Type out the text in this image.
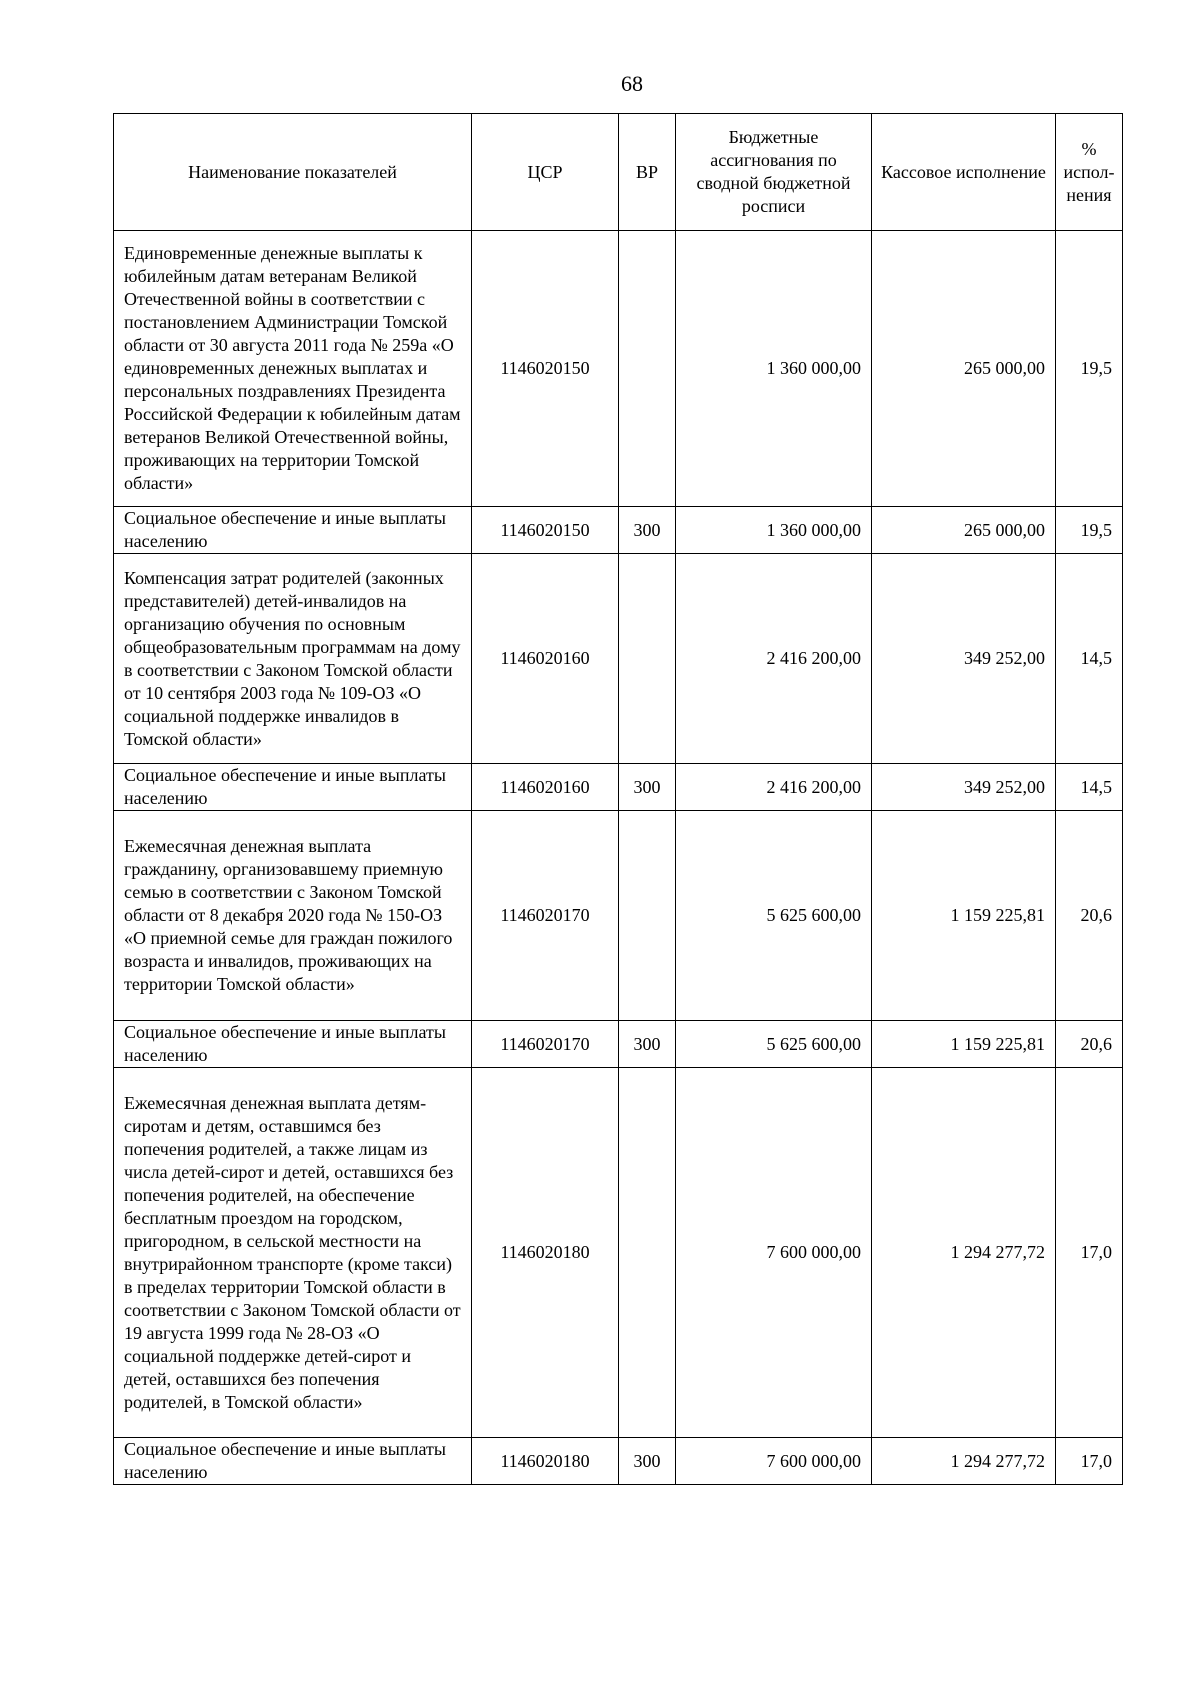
68
Наименование показателей	ЦСР	ВР	Бюджетные ассигнования по сводной бюджетной росписи	Кассовое исполнение	% испол-нения
Единовременные денежные выплаты к юбилейным датам ветеранам Великой Отечественной войны в соответствии с постановлением Администрации Томской области от 30 августа 2011 года № 259а «О единовременных денежных выплатах и персональных поздравлениях Президента Российской Федерации к юбилейным датам ветеранов Великой Отечественной войны, проживающих на территории Томской области»	1146020150		1 360 000,00	265 000,00	19,5
Социальное обеспечение и иные выплаты населению	1146020150	300	1 360 000,00	265 000,00	19,5
Компенсация затрат родителей (законных представителей) детей-инвалидов на организацию обучения по основным общеобразовательным программам на дому в соответствии с Законом Томской области от 10 сентября 2003 года № 109-ОЗ «О социальной поддержке инвалидов в Томской области»	1146020160		2 416 200,00	349 252,00	14,5
Социальное обеспечение и иные выплаты населению	1146020160	300	2 416 200,00	349 252,00	14,5
Ежемесячная денежная выплата гражданину, организовавшему приемную семью в соответствии с Законом Томской области от 8 декабря 2020 года № 150-ОЗ «О приемной семье для граждан пожилого возраста и инвалидов, проживающих на территории Томской области»	1146020170		5 625 600,00	1 159 225,81	20,6
Социальное обеспечение и иные выплаты населению	1146020170	300	5 625 600,00	1 159 225,81	20,6
Ежемесячная денежная выплата детям-сиротам и детям, оставшимся без попечения родителей, а также лицам из числа детей-сирот и детей, оставшихся без попечения родителей, на обеспечение бесплатным проездом на городском, пригородном, в сельской местности на внутрирайонном транспорте (кроме такси) в пределах территории Томской области в соответствии с Законом Томской области от 19 августа 1999 года № 28-ОЗ «О социальной поддержке детей-сирот и детей, оставшихся без попечения родителей, в Томской области»	1146020180		7 600 000,00	1 294 277,72	17,0
Социальное обеспечение и иные выплаты населению	1146020180	300	7 600 000,00	1 294 277,72	17,0
